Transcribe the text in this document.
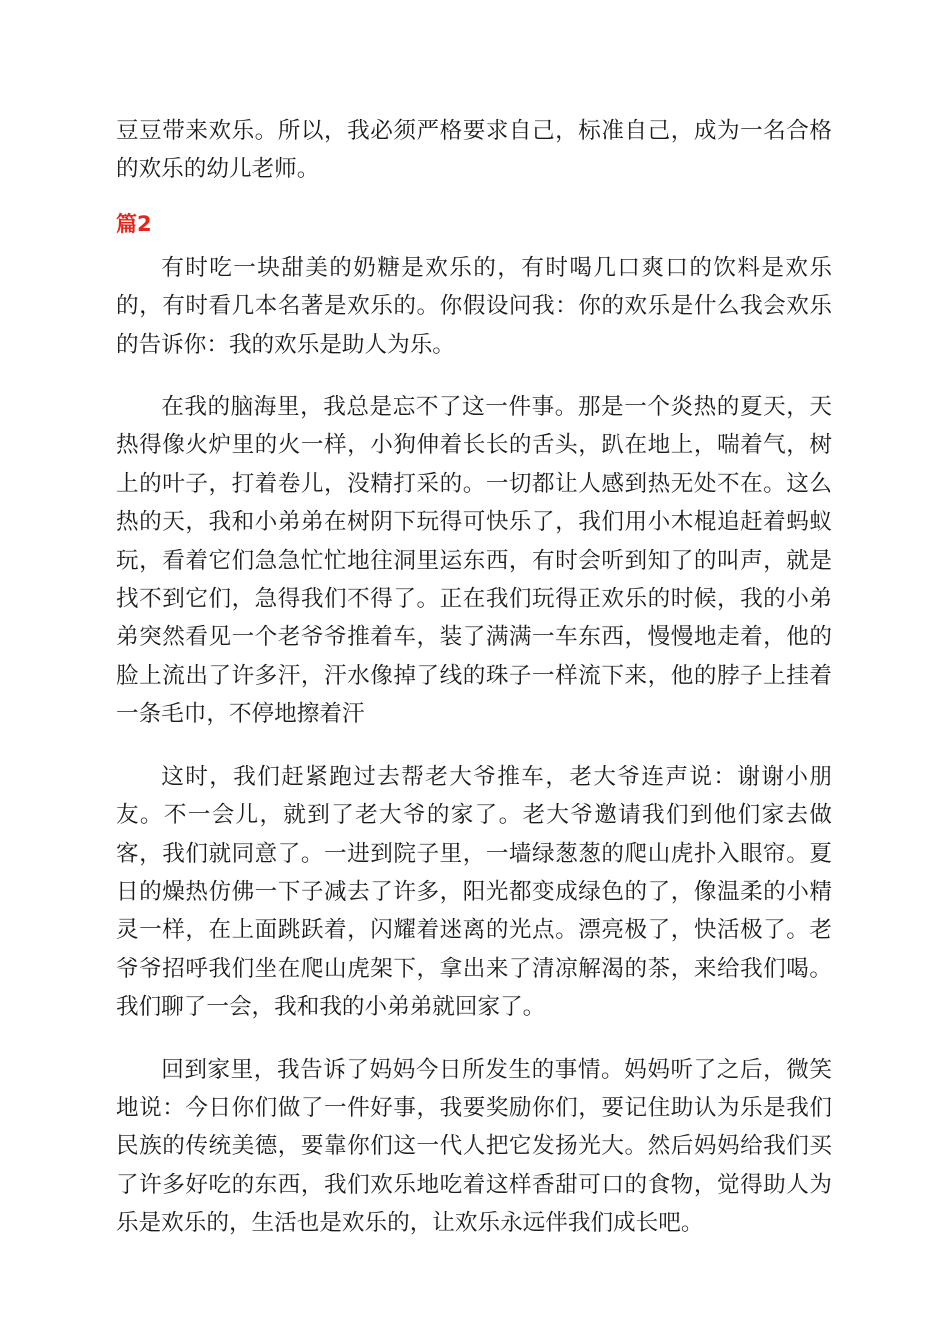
豆豆带来欢乐。所以，我必须严格要求自己，标准自己，成为一名合格的欢乐的幼儿老师。

篇2

有时吃一块甜美的奶糖是欢乐的，有时喝几口爽口的饮料是欢乐的，有时看几本名著是欢乐的。你假设问我：你的欢乐是什么我会欢乐的告诉你：我的欢乐是助人为乐。

在我的脑海里，我总是忘不了这一件事。那是一个炎热的夏天，天热得像火炉里的火一样，小狗伸着长长的舌头，趴在地上，喘着气，树上的叶子，打着卷儿，没精打采的。一切都让人感到热无处不在。这么热的天，我和小弟弟在树阴下玩得可快乐了，我们用小木棍追赶着蚂蚁玩，看着它们急急忙忙地往洞里运东西，有时会听到知了的叫声，就是找不到它们，急得我们不得了。正在我们玩得正欢乐的时候，我的小弟弟突然看见一个老爷爷推着车，装了满满一车东西，慢慢地走着，他的脸上流出了许多汗，汗水像掉了线的珠子一样流下来，他的脖子上挂着一条毛巾，不停地擦着汗

这时，我们赶紧跑过去帮老大爷推车，老大爷连声说：谢谢小朋友。不一会儿，就到了老大爷的家了。老大爷邀请我们到他们家去做客，我们就同意了。一进到院子里，一墙绿葱葱的爬山虎扑入眼帘。夏日的燥热仿佛一下子减去了许多，阳光都变成绿色的了，像温柔的小精灵一样，在上面跳跃着，闪耀着迷离的光点。漂亮极了，快活极了。老爷爷招呼我们坐在爬山虎架下，拿出来了清凉解渴的茶，来给我们喝。我们聊了一会，我和我的小弟弟就回家了。

回到家里，我告诉了妈妈今日所发生的事情。妈妈听了之后，微笑地说：今日你们做了一件好事，我要奖励你们，要记住助认为乐是我们民族的传统美德，要靠你们这一代人把它发扬光大。然后妈妈给我们买了许多好吃的东西，我们欢乐地吃着这样香甜可口的食物，觉得助人为乐是欢乐的，生活也是欢乐的，让欢乐永远伴我们成长吧。
